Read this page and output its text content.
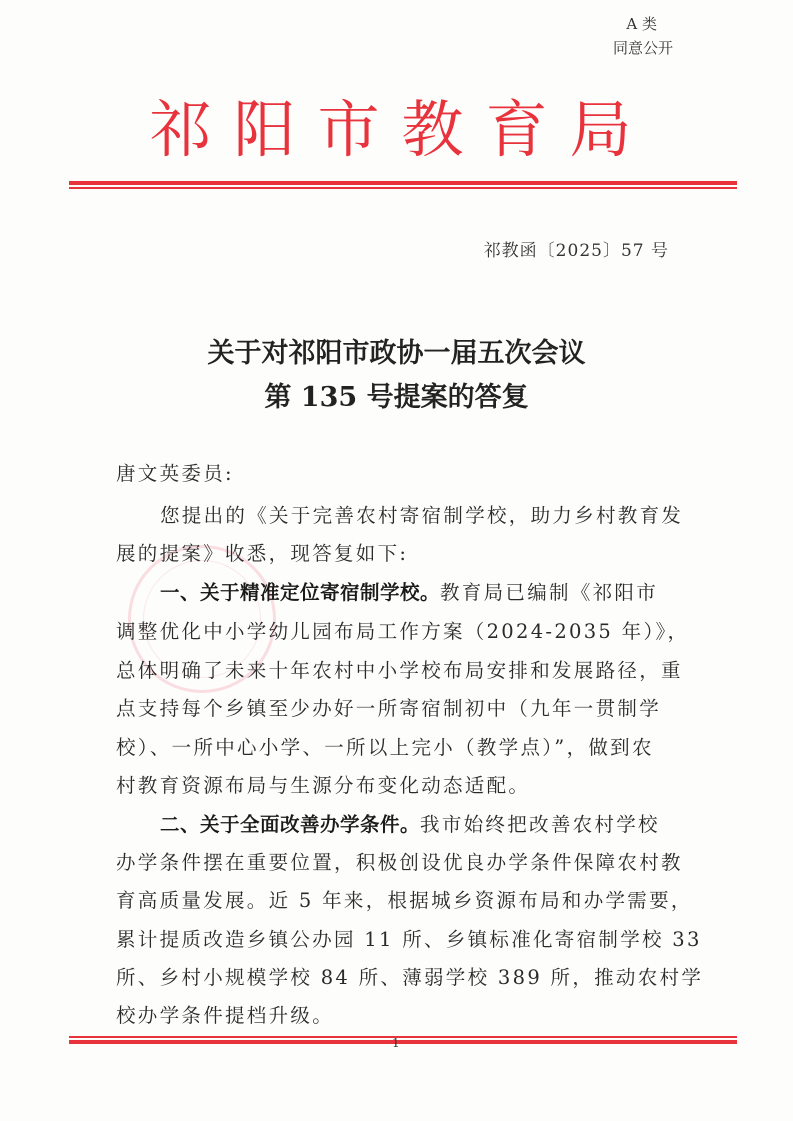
A 类
同意公开
祁阳市教育局
祁教函〔2025〕57 号
关于对祁阳市政协一届五次会议
第 135 号提案的答复
唐文英委员:
您提出的《关于完善农村寄宿制学校，助力乡村教育发
展的提案》收悉，现答复如下:
一、关于精准定位寄宿制学校。教育局已编制《祁阳市
调整优化中小学幼儿园布局工作方案（2024-2035 年）》，
总体明确了未来十年农村中小学校布局安排和发展路径，重
点支持每个乡镇至少办好一所寄宿制初中（九年一贯制学
校）、一所中心小学、一所以上完小（教学点）”，做到农
村教育资源布局与生源分布变化动态适配。
二、关于全面改善办学条件。我市始终把改善农村学校
办学条件摆在重要位置，积极创设优良办学条件保障农村教
育高质量发展。近 5 年来，根据城乡资源布局和办学需要，
累计提质改造乡镇公办园 11 所、乡镇标准化寄宿制学校 33
所、乡村小规模学校 84 所、薄弱学校 389 所，推动农村学
校办学条件提档升级。
1
